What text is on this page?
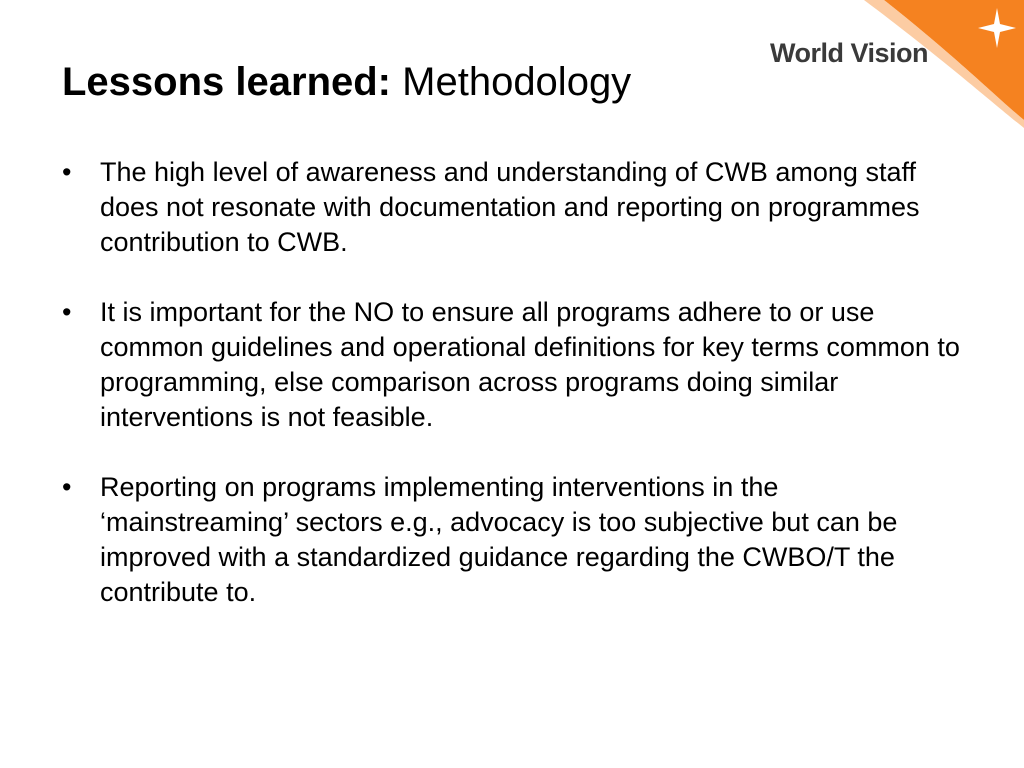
World Vision
Lessons learned: Methodology
•	The high level of awareness and understanding of CWB among staff does not resonate with documentation and reporting on programmes contribution to CWB.
•	It is important for the NO to ensure all programs adhere to or use common guidelines and operational definitions for key terms common to programming, else comparison across programs doing similar interventions is not feasible.
•	Reporting on programs implementing interventions in the ‘mainstreaming’ sectors e.g., advocacy is too subjective but can be improved with a standardized guidance regarding the CWBO/T the contribute to.
